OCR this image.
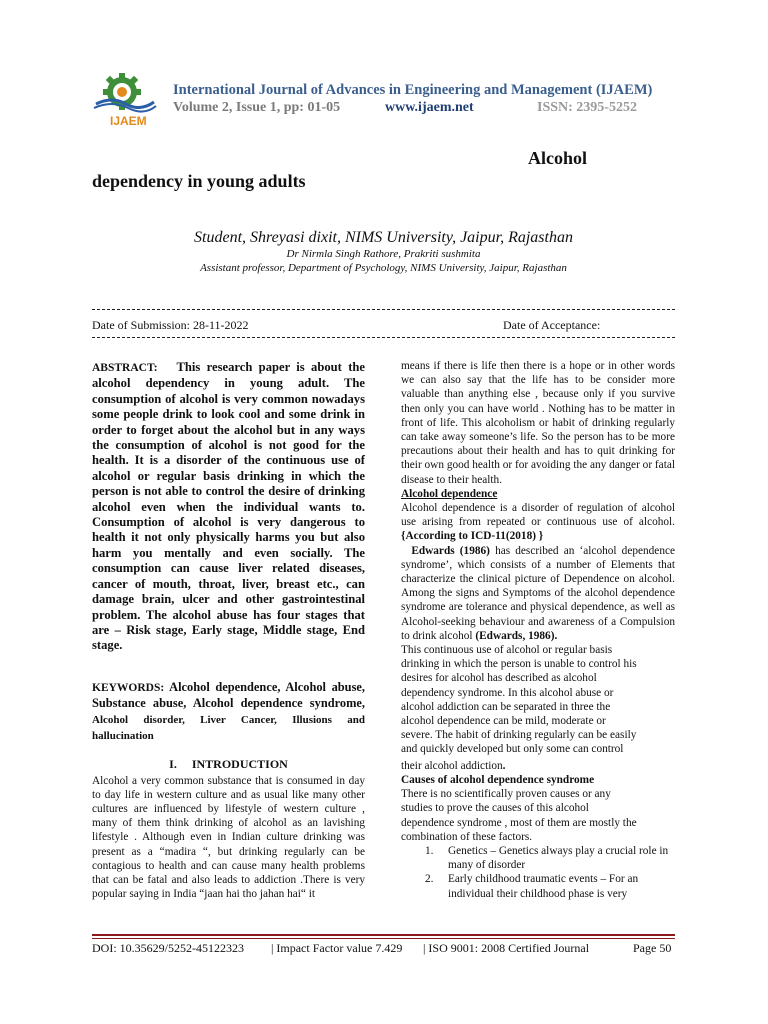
IJAEM
International Journal of Advances in Engineering and Management (IJAEM)
Volume 2, Issue 1, pp: 01-05	www.ijaem.net	ISSN: 2395-5252
Alcohol
dependency in young adults
Student, Shreyasi dixit, NIMS University, Jaipur, Rajasthan
Dr Nirmla Singh Rathore, Prakriti sushmita
Assistant professor, Department of Psychology, NIMS University, Jaipur, Rajasthan
Date of Submission: 28-11-2022	Date of Acceptance:

ABSTRACT: This research paper is about the alcohol dependency in young adult. The consumption of alcohol is very common nowadays some people drink to look cool and some drink in order to forget about the alcohol but in any ways the consumption of alcohol is not good for the health. It is a disorder of the continuous use of alcohol or regular basis drinking in which the person is not able to control the desire of drinking alcohol even when the individual wants to. Consumption of alcohol is very dangerous to health it not only physically harms you but also harm you mentally and even socially. The consumption can cause liver related diseases, cancer of mouth, throat, liver, breast etc., can damage brain, ulcer and other gastrointestinal problem. The alcohol abuse has four stages that are – Risk stage, Early stage, Middle stage, End stage.

KEYWORDS: Alcohol dependence, Alcohol abuse, Substance abuse, Alcohol dependence syndrome, Alcohol disorder, Liver Cancer, Illusions and hallucination

I.     INTRODUCTION

Alcohol a very common substance that is consumed in day to day life in western culture and as usual like many other cultures are influenced by lifestyle of western culture , many of them think drinking of alcohol as an lavishing lifestyle . Although even in Indian culture drinking was present as a “madira “, but drinking regularly can be contagious to health and can cause many health problems that can be fatal and also leads to addiction .There is very popular saying in India “jaan hai tho jahan hai“ it

means if there is life then there is a hope or in other words we can also say that the life has to be consider more valuable than anything else , because only if you survive then only you can have world . Nothing has to be matter in front of life. This alcoholism or habit of drinking regularly can take away someone’s life. So the person has to be more precautions about their health and has to quit drinking for their own good health or for avoiding the any danger or fatal disease to their health.

Alcohol dependence

Alcohol dependence is a disorder of regulation of alcohol use arising from repeated or continuous use of alcohol. {According to ICD-11(2018) }

Edwards (1986) has described an ‘alcohol dependence syndrome’, which consists of a number of Elements that characterize the clinical picture of Dependence on alcohol. Among the signs and Symptoms of the alcohol dependence syndrome are tolerance and physical dependence, as well as Alcohol-seeking behaviour and awareness of a Compulsion to drink alcohol (Edwards, 1986).

This continuous use of alcohol or regular basis
drinking in which the person is unable to control his
desires for alcohol has described as alcohol
dependency syndrome. In this alcohol abuse or
alcohol addiction can be separated in three the
alcohol dependence can be mild, moderate or
severe. The habit of drinking regularly can be easily
and quickly developed but only some can control
their alcohol addiction.

Causes of alcohol dependence syndrome

There is no scientifically proven causes or any
studies to prove the causes of this alcohol
dependence syndrome , most of them are mostly the
combination of these factors.

1. Genetics – Genetics always play a crucial role in many of disorder
2. Early childhood traumatic events – For an individual their childhood phase is very
DOI: 10.35629/5252-45122323 | Impact Factor value 7.429 | ISO 9001: 2008 Certified Journal	Page 50
